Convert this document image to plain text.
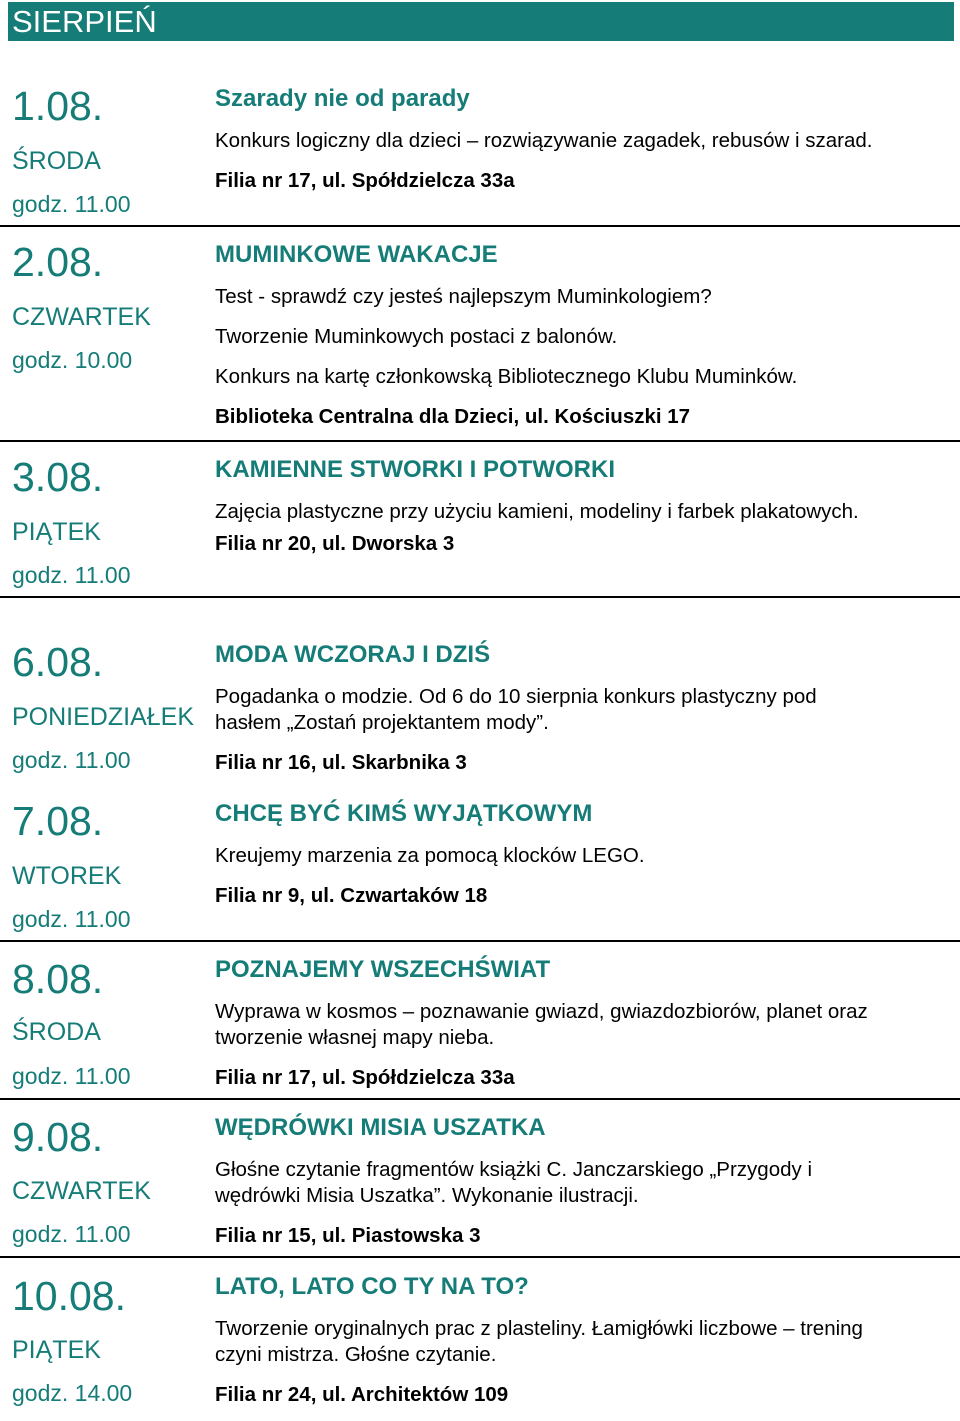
SIERPIEŃ
1.08.
ŚRODA
godz. 11.00
Szarady nie od parady
Konkurs logiczny dla dzieci – rozwiązywanie zagadek, rebusów i szarad.
Filia nr 17, ul. Spółdzielcza 33a
2.08.
CZWARTEK
godz. 10.00
MUMINKOWE WAKACJE
Test - sprawdź czy jesteś najlepszym Muminkologiem?
Tworzenie Muminkowych postaci z balonów.
Konkurs na kartę członkowską Bibliotecznego Klubu Muminków.
Biblioteka Centralna dla Dzieci, ul. Kościuszki 17
3.08.
PIĄTEK
godz. 11.00
KAMIENNE STWORKI I POTWORKI
Zajęcia plastyczne przy użyciu kamieni, modeliny i farbek plakatowych.
Filia nr 20, ul. Dworska 3
6.08.
PONIEDZIAŁEK
godz. 11.00
MODA WCZORAJ I DZIŚ
Pogadanka o modzie. Od 6 do 10 sierpnia konkurs plastyczny pod
hasłem „Zostań projektantem mody”.
Filia nr 16, ul. Skarbnika 3
7.08.
WTOREK
godz. 11.00
CHCĘ BYĆ KIMŚ WYJĄTKOWYM
Kreujemy marzenia za pomocą klocków LEGO.
Filia nr 9, ul. Czwartaków 18
8.08.
ŚRODA
godz. 11.00
POZNAJEMY WSZECHŚWIAT
Wyprawa w kosmos – poznawanie gwiazd, gwiazdozbiorów, planet oraz
tworzenie własnej mapy nieba.
Filia nr 17, ul. Spółdzielcza 33a
9.08.
CZWARTEK
godz. 11.00
WĘDRÓWKI MISIA USZATKA
Głośne czytanie fragmentów książki C. Janczarskiego „Przygody i
wędrówki Misia Uszatka”. Wykonanie ilustracji.
Filia nr 15, ul. Piastowska 3
10.08.
PIĄTEK
godz. 14.00
LATO, LATO CO TY NA TO?
Tworzenie oryginalnych prac z plasteliny. Łamigłówki liczbowe – trening
czyni mistrza. Głośne czytanie.
Filia nr 24, ul. Architektów 109
